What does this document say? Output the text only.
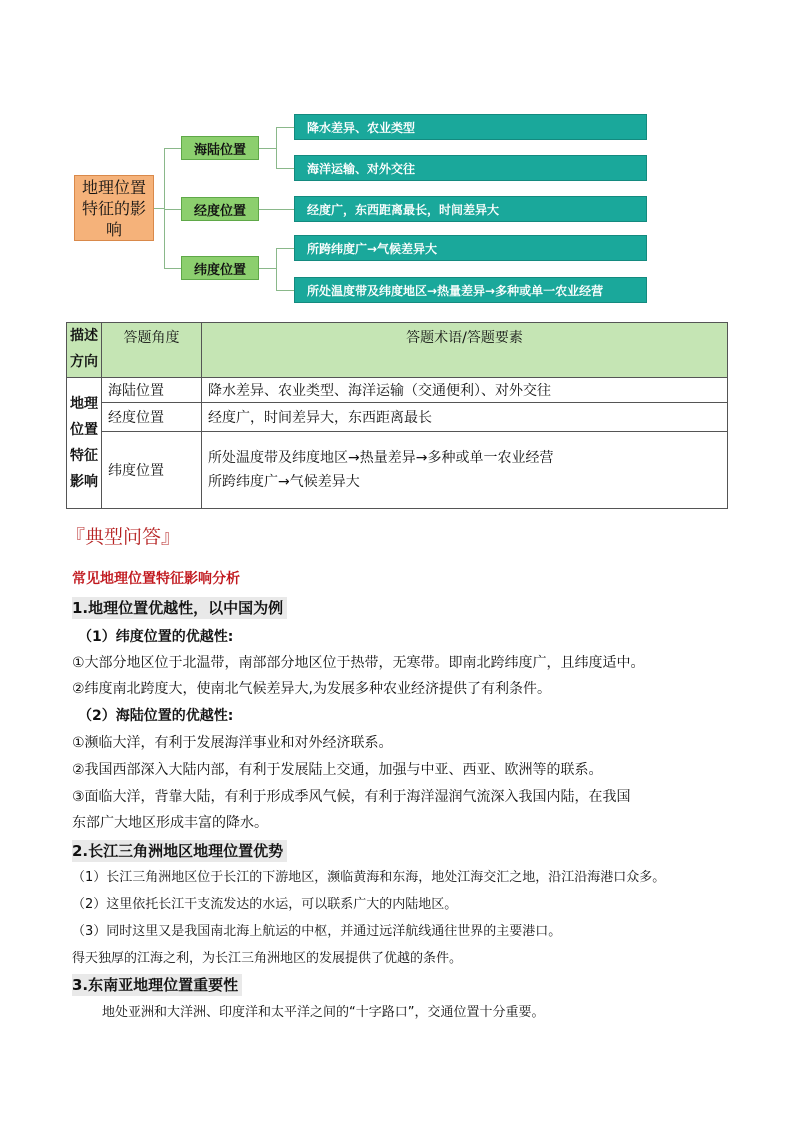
地理位置特征的影响
海陆位置
经度位置
纬度位置
降水差异、农业类型
海洋运输、对外交往
经度广，东西距离最长，时间差异大
所跨纬度广→气候差异大
所处温度带及纬度地区→热量差异→多种或单一农业经营
描述方向	答题角度	答题术语/答题要素
地理位置特征影响	海陆位置	降水差异、农业类型、海洋运输（交通便利）、对外交往
	经度位置	经度广，时间差异大，东西距离最长
	纬度位置	所处温度带及纬度地区→热量差异→多种或单一农业经营
所跨纬度广→气候差异大
『典型问答』
常见地理位置特征影响分析
1.地理位置优越性，以中国为例
（1）纬度位置的优越性:
①大部分地区位于北温带，南部部分地区位于热带，无寒带。即南北跨纬度广，且纬度适中。
②纬度南北跨度大，使南北气候差异大,为发展多种农业经济提供了有利条件。
（2）海陆位置的优越性:
①濒临大洋，有利于发展海洋事业和对外经济联系。
②我国西部深入大陆内部，有利于发展陆上交通，加强与中亚、西亚、欧洲等的联系。
③面临大洋，背靠大陆，有利于形成季风气候，有利于海洋湿润气流深入我国内陆，在我国
东部广大地区形成丰富的降水。
2.长江三角洲地区地理位置优势
（1）长江三角洲地区位于长江的下游地区，濒临黄海和东海，地处江海交汇之地，沿江沿海港口众多。
（2）这里依托长江干支流发达的水运，可以联系广大的内陆地区。
（3）同时这里又是我国南北海上航运的中枢，并通过远洋航线通往世界的主要港口。
得天独厚的江海之利，为长江三角洲地区的发展提供了优越的条件。
3.东南亚地理位置重要性
地处亚洲和大洋洲、印度洋和太平洋之间的“十字路口”，交通位置十分重要。
